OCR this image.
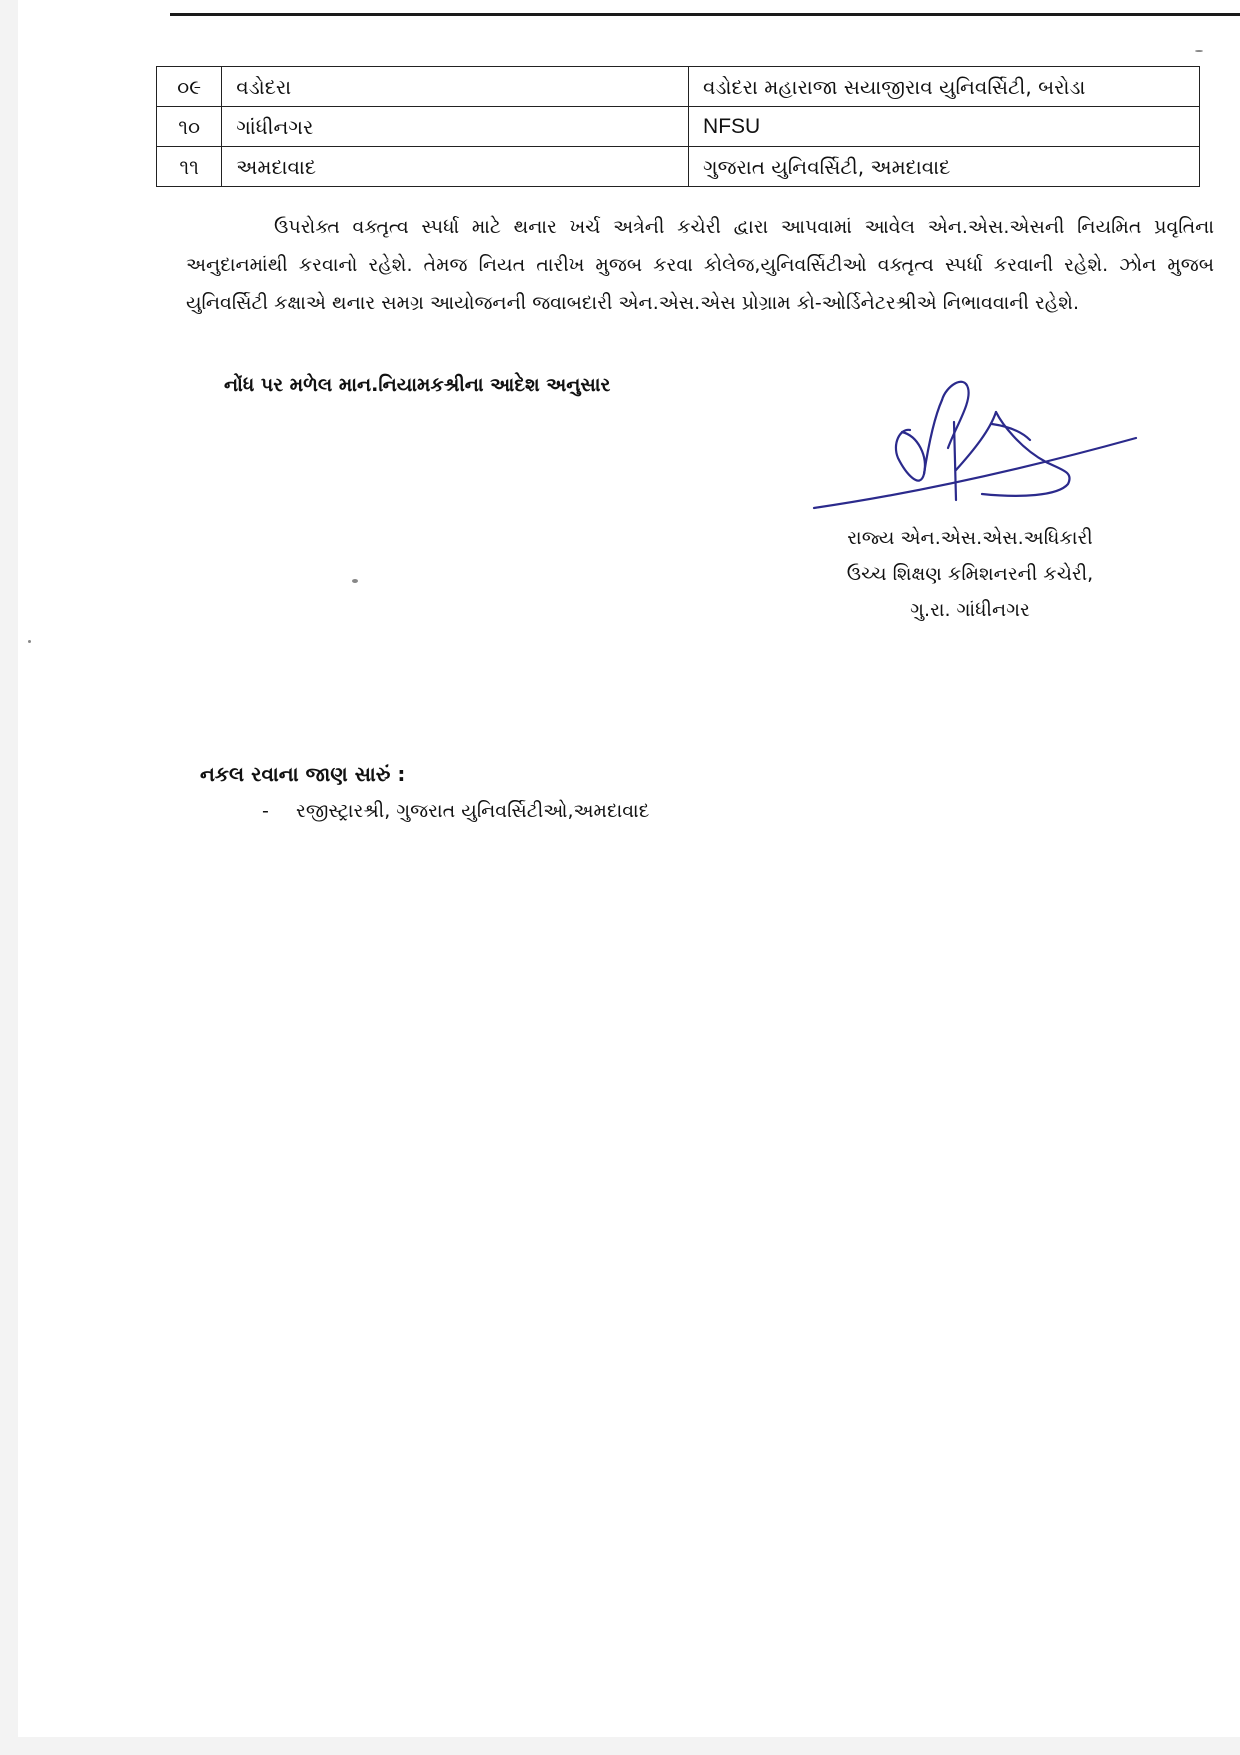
૦૯	વડોદરા	વડોદરા મહારાજા સયાજીરાવ યુનિવર્સિટી, બરોડા
૧૦	ગાંધીનગર	NFSU
૧૧	અમદાવાદ	ગુજરાત યુનિવર્સિટી, અમદાવાદ

ઉપરોક્ત વક્તૃત્વ સ્પર્ધા માટે થનાર ખર્ચ અત્રેની કચેરી દ્વારા આપવામાં આવેલ એન.એસ.એસની નિયમિત પ્રવૃતિના અનુદાનમાંથી કરવાનો રહેશે. તેમજ નિયત તારીખ મુજબ કરવા કોલેજ,યુનિવર્સિટીઓ વક્તૃત્વ સ્પર્ધા કરવાની રહેશે. ઝોન મુજબ યુનિવર્સિટી કક્ષાએ થનાર સમગ્ર આયોજનની જવાબદારી એન.એસ.એસ પ્રોગ્રામ કો-ઓર્ડિનેટરશ્રીએ નિભાવવાની રહેશે.

નોંધ પર મળેલ માન.નિયામકશ્રીના આદેશ અનુસાર

રાજ્ય એન.એસ.એસ.અધિકારી
ઉચ્ચ શિક્ષણ કમિશનરની કચેરી,
ગુ.રા. ગાંધીનગર

નકલ રવાના જાણ સારું :

- રજીસ્ટ્રારશ્રી, ગુજરાત યુનિવર્સિટીઓ,અમદાવાદ
